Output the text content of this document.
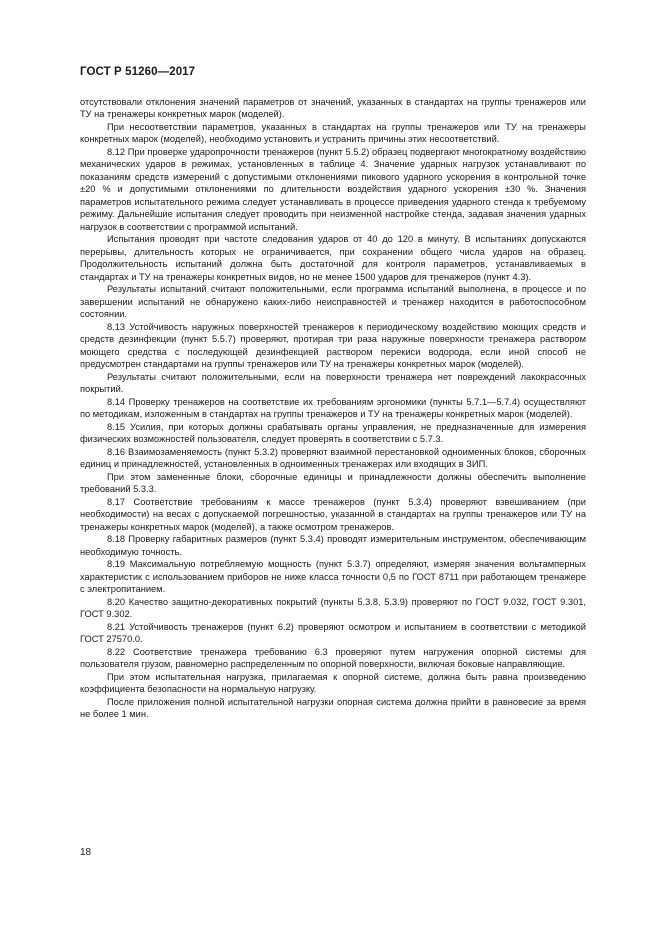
ГОСТ Р 51260—2017

отсутствовали отклонения значений параметров от значений, указанных в стандартах на группы тренажеров или ТУ на тренажеры конкретных марок (моделей).

При несоответствии параметров, указанных в стандартах на группы тренажеров или ТУ на тренажеры конкретных марок (моделей), необходимо установить и устранить причины этих несоответствий.

8.12 При проверке ударопрочности тренажеров (пункт 5.5.2) образец подвергают многократному воздействию механических ударов в режимах, установленных в таблице 4. Значение ударных нагрузок устанавливают по показаниям средств измерений с допустимыми отклонениями пикового ударного ускорения в контрольной точке ±20 % и допустимыми отклонениями по длительности воздействия ударного ускорения ±30 %. Значения параметров испытательного режима следует устанавливать в процессе приведения ударного стенда к требуемому режиму. Дальнейшие испытания следует проводить при неизменной настройке стенда, задавая значения ударных нагрузок в соответствии с программой испытаний.

Испытания проводят при частоте следования ударов от 40 до 120 в минуту. В испытаниях допускаются перерывы, длительность которых не ограничивается, при сохранении общего числа ударов на образец. Продолжительность испытаний должна быть достаточной для контроля параметров, устанавливаемых в стандартах и ТУ на тренажеры конкретных видов, но не менее 1500 ударов для тренажеров (пункт 4.3).

Результаты испытаний считают положительными, если программа испытаний выполнена, в процессе и по завершении испытаний не обнаружено каких-либо неисправностей и тренажер находится в работоспособном состоянии.

8.13 Устойчивость наружных поверхностей тренажеров к периодическому воздействию моющих средств и средств дезинфекции (пункт 5.5.7) проверяют, протирая три раза наружные поверхности тренажера раствором моющего средства с последующей дезинфекцией раствором перекиси водорода, если иной способ не предусмотрен стандартами на группы тренажеров или ТУ на тренажеры конкретных марок (моделей).

Результаты считают положительными, если на поверхности тренажера нет повреждений лакокрасочных покрытий.

8.14 Проверку тренажеров на соответствие их требованиям эргономики (пункты 5.7.1—5.7.4) осуществляют по методикам, изложенным в стандартах на группы тренажеров и ТУ на тренажеры конкретных марок (моделей).

8.15 Усилия, при которых должны срабатывать органы управления, не предназначенные для измерения физических возможностей пользователя, следует проверять в соответствии с 5.7.3.

8.16 Взаимозаменяемость (пункт 5.3.2) проверяют взаимной перестановкой одноименных блоков, сборочных единиц и принадлежностей, установленных в одноименных тренажерах или входящих в ЗИП.

При этом замененные блоки, сборочные единицы и принадлежности должны обеспечить выполнение требований 5.3.3.

8.17 Соответствие требованиям к массе тренажеров (пункт 5.3.4) проверяют взвешиванием (при необходимости) на весах с допускаемой погрешностью, указанной в стандартах на группы тренажеров или ТУ на тренажеры конкретных марок (моделей), а также осмотром тренажеров.

8.18 Проверку габаритных размеров (пункт 5.3.4) проводят измерительным инструментом, обеспечивающим необходимую точность.

8.19 Максимальную потребляемую мощность (пункт 5.3.7) определяют, измеряя значения вольтамперных характеристик с использованием приборов не ниже класса точности 0,5 по ГОСТ 8711 при работающем тренажере с электропитанием.

8.20 Качество защитно-декоративных покрытий (пункты 5.3.8, 5.3.9) проверяют по ГОСТ 9.032, ГОСТ 9.301, ГОСТ 9.302.

8.21 Устойчивость тренажеров (пункт 6.2) проверяют осмотром и испытанием в соответствии с методикой ГОСТ 27570.0.

8.22 Соответствие тренажера требованию 6.3 проверяют путем нагружения опорной системы для пользователя грузом, равномерно распределенным по опорной поверхности, включая боковые направляющие.

При этом испытательная нагрузка, прилагаемая к опорной системе, должна быть равна произведению коэффициента безопасности на нормальную нагрузку.

После приложения полной испытательной нагрузки опорная система должна прийти в равновесие за время не более 1 мин.

18
